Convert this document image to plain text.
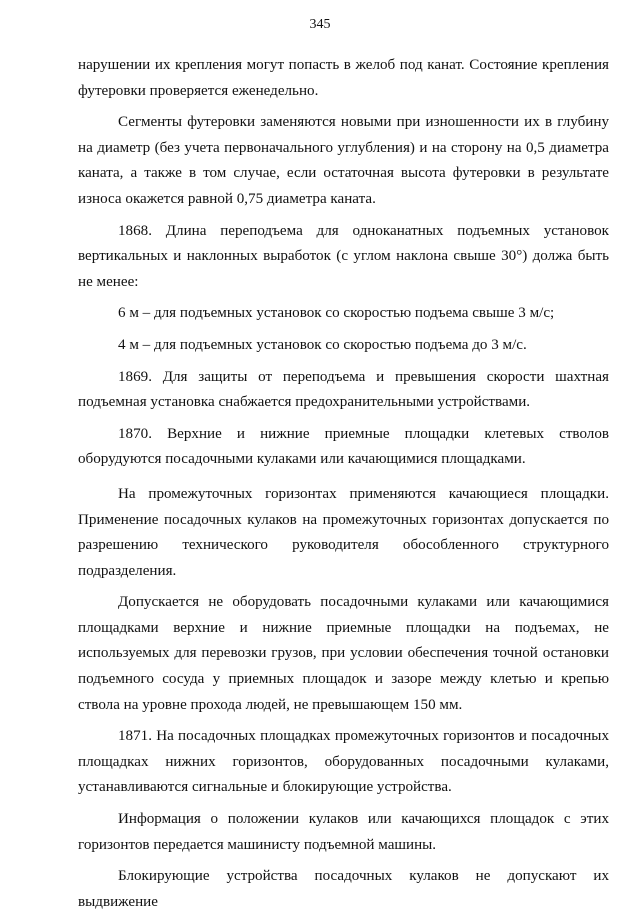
345

нарушении их крепления могут попасть в желоб под канат. Состояние крепления футеровки проверяется еженедельно.

Сегменты футеровки заменяются новыми при изношенности их в глубину на диаметр (без учета первоначального углубления) и на сторону на 0,5 диаметра каната, а также в том случае, если остаточная высота футеровки в результате износа окажется равной 0,75 диаметра каната.

1868. Длина переподъема для одноканатных подъемных установок вертикальных и наклонных выработок (с углом наклона свыше 30°) должа быть не менее:

6 м – для подъемных установок со скоростью подъема свыше 3 м/с;

4 м – для подъемных установок со скоростью подъема до 3 м/с.

1869. Для защиты от переподъема и превышения скорости шахтная подъемная установка снабжается предохранительными устройствами.

1870. Верхние и нижние приемные площадки клетевых стволов оборудуются посадочными кулаками или качающимися площадками.

На промежуточных горизонтах применяются качающиеся площадки. Применение посадочных кулаков на промежуточных горизонтах допускается по разрешению технического руководителя обособленного структурного подразделения.

Допускается не оборудовать посадочными кулаками или качающимися площадками верхние и нижние приемные площадки на подъемах, не используемых для перевозки грузов, при условии обеспечения точной остановки подъемного сосуда у приемных площадок и зазоре между клетью и крепью ствола на уровне прохода людей, не превышающем 150 мм.

1871. На посадочных площадках промежуточных горизонтов и посадочных площадках нижних горизонтов, оборудованных посадочными кулаками, устанавливаются сигнальные и блокирующие устройства.

Информация о положении кулаков или качающихся площадок с этих горизонтов передается машинисту подъемной машины.

Блокирующие устройства посадочных кулаков не допускают их выдвижение
